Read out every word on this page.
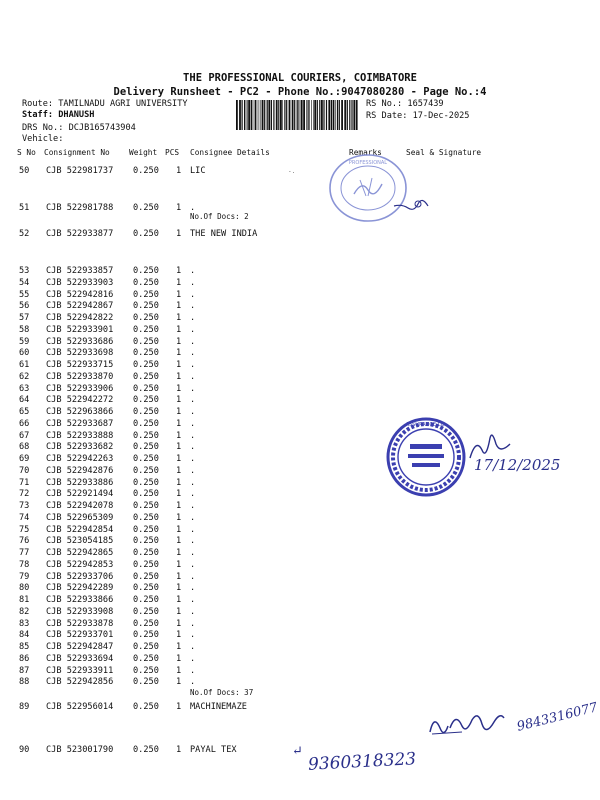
THE PROFESSIONAL COURIERS, COIMBATORE
Delivery Runsheet - PC2 - Phone No.:9047080280 - Page No.:4
Route: TAMILNADU AGRI UNIVERSITY
Staff: DHANUSH
DRS No.: DCJB165743904
Vehicle:
RS No.: 1657439
RS Date: 17-Dec-2025
S No Consignment No Weight PCS Consignee Details	Remarks	Seal & Signature
50 CJB 522981737 0.250 1 LIC
51 CJB 522981788 0.250 1 .
52 CJB 522933877 0.250 1 THE NEW INDIA
53 CJB 522933857 0.250 1 .
54 CJB 522933903 0.250 1 .
55 CJB 522942816 0.250 1 .
56 CJB 522942867 0.250 1 .
57 CJB 522942822 0.250 1 .
58 CJB 522933901 0.250 1 .
59 CJB 522933686 0.250 1 .
60 CJB 522933698 0.250 1 .
61 CJB 522933715 0.250 1 .
62 CJB 522933870 0.250 1 .
63 CJB 522933906 0.250 1 .
64 CJB 522942272 0.250 1 .
65 CJB 522963866 0.250 1 .
66 CJB 522933687 0.250 1 .
67 CJB 522933888 0.250 1 .
68 CJB 522933682 0.250 1 .
69 CJB 522942263 0.250 1 .
70 CJB 522942876 0.250 1 .
71 CJB 522933886 0.250 1 .
72 CJB 522921494 0.250 1 .
73 CJB 522942078 0.250 1 .
74 CJB 522965309 0.250 1 .
75 CJB 522942854 0.250 1 .
76 CJB 523054185 0.250 1 .
77 CJB 522942865 0.250 1 .
78 CJB 522942853 0.250 1 .
79 CJB 522933706 0.250 1 .
80 CJB 522942289 0.250 1 .
81 CJB 522933866 0.250 1 .
82 CJB 522933908 0.250 1 .
83 CJB 522933878 0.250 1 .
84 CJB 522933701 0.250 1 .
85 CJB 522942847 0.250 1 .
86 CJB 522933694 0.250 1 .
87 CJB 522933911 0.250 1 .
88 CJB 522942856 0.250 1 .
89 CJB 522956014 0.250 1 MACHINEMAZE
90 CJB 523001790 0.250 1 PAYAL TEX
No.Of Docs: 2
No.Of Docs: 37
PROFESSIONAL
ASSURANCE CO.
17/12/2025
9843316077
↵ 9360318323
-.
